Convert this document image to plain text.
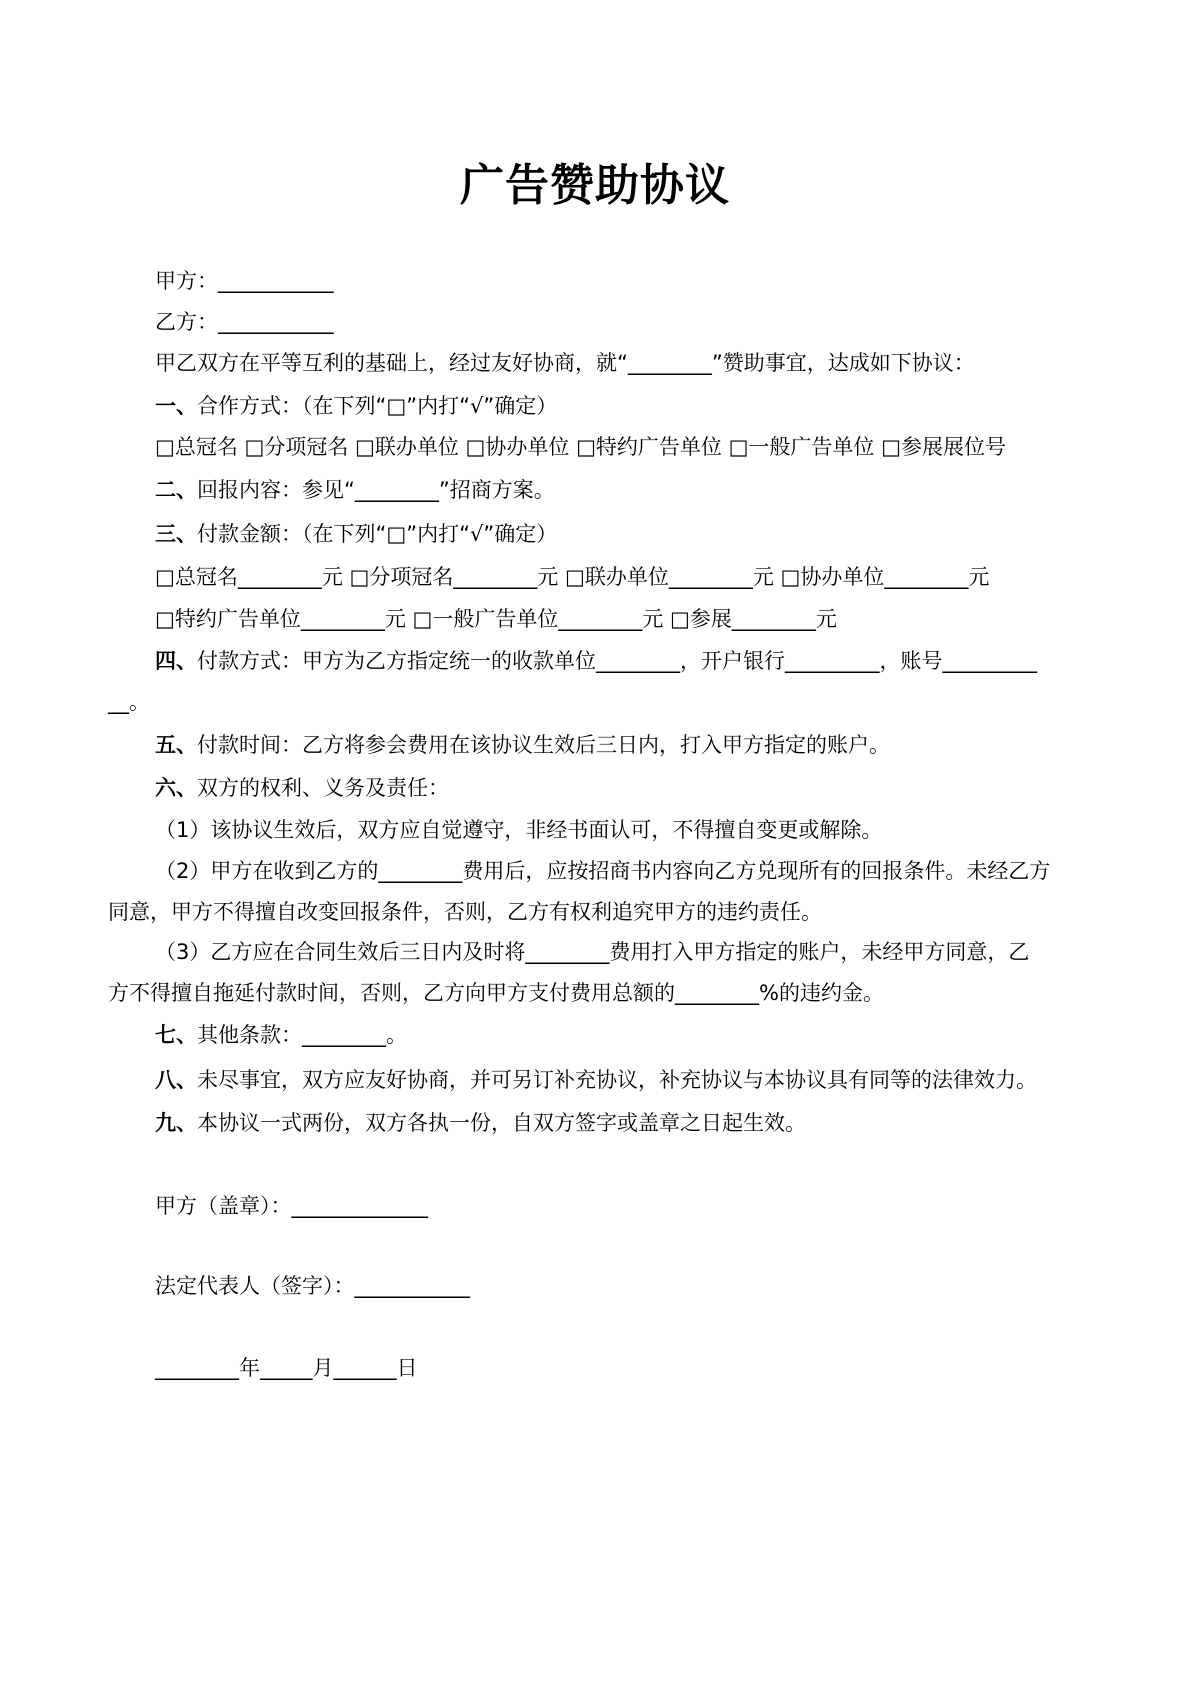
广告赞助协议
甲方：___________
乙方：___________
甲乙双方在平等互利的基础上，经过友好协商，就“________”赞助事宜，达成如下协议：
一、合作方式：（在下列“□”内打“√”确定）
□总冠名 □分项冠名 □联办单位 □协办单位 □特约广告单位 □一般广告单位 □参展展位号
二、回报内容：参见“________”招商方案。
三、付款金额：（在下列“□”内打“√”确定）
□总冠名________元 □分项冠名________元 □联办单位________元 □协办单位________元
□特约广告单位________元 □一般广告单位________元 □参展________元
四、付款方式：甲方为乙方指定统一的收款单位________，开户银行_________，账号_________
__。
五、付款时间：乙方将参会费用在该协议生效后三日内，打入甲方指定的账户。
六、双方的权利、义务及责任：
（1）该协议生效后，双方应自觉遵守，非经书面认可，不得擅自变更或解除。
（2）甲方在收到乙方的________费用后，应按招商书内容向乙方兑现所有的回报条件。未经乙方
同意，甲方不得擅自改变回报条件，否则，乙方有权利追究甲方的违约责任。
（3）乙方应在合同生效后三日内及时将________费用打入甲方指定的账户，未经甲方同意，乙
方不得擅自拖延付款时间，否则，乙方向甲方支付费用总额的________%的违约金。
七、其他条款：________。
八、未尽事宜，双方应友好协商，并可另订补充协议，补充协议与本协议具有同等的法律效力。
九、本协议一式两份，双方各执一份，自双方签字或盖章之日起生效。
甲方（盖章）：_____________
法定代表人（签字）：___________
________年_____月______日
